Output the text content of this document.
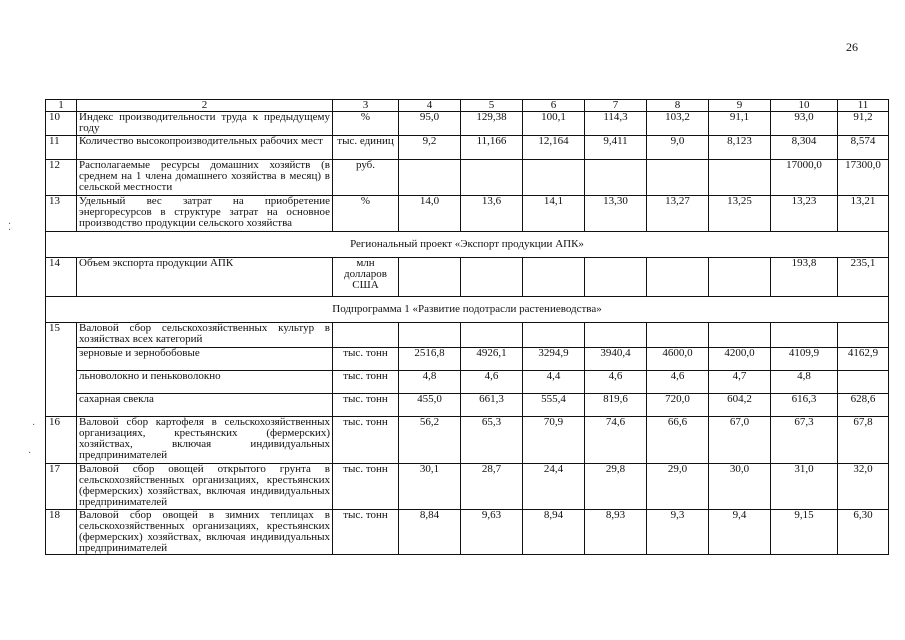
26
1	2	3	4	5	6	7	8	9	10	11
10	Индекс производительности труда к предыдущему году	%	95,0	129,38	100,1	114,3	103,2	91,1	93,0	91,2
11	Количество высокопроизводительных рабочих мест	тыс. единиц	9,2	11,166	12,164	9,411	9,0	8,123	8,304	8,574
12	Располагаемые ресурсы домашних хозяйств (в среднем на 1 члена домашнего хозяйства в месяц) в сельской местности	руб.							17000,0	17300,0
13	Удельный вес затрат на приобретение энергоресурсов в структуре затрат на основное производство продукции сельского хозяйства	%	14,0	13,6	14,1	13,30	13,27	13,25	13,23	13,21
Региональный проект «Экспорт продукции АПК»										
14	Объем экспорта продукции АПК	млн долларов США							193,8	235,1
Подпрограмма 1 «Развитие подотрасли растениеводства»										
15	Валовой сбор сельскохозяйственных культур в хозяйствах всех категорий									
	зерновые и зернобобовые	тыс. тонн	2516,8	4926,1	3294,9	3940,4	4600,0	4200,0	4109,9	4162,9
	льноволокно и пеньковолокно	тыс. тонн	4,8	4,6	4,4	4,6	4,6	4,7	4,8	
	сахарная свекла	тыс. тонн	455,0	661,3	555,4	819,6	720,0	604,2	616,3	628,6
16	Валовой сбор картофеля в сельскохозяйственных организациях, крестьянских (фермерских) хозяйствах, включая индивидуальных предпринимателей	тыс. тонн	56,2	65,3	70,9	74,6	66,6	67,0	67,3	67,8
17	Валовой сбор овощей открытого грунта в сельскохозяйственных организациях, крестьянских (фермерских) хозяйствах, включая индивидуальных предпринимателей	тыс. тонн	30,1	28,7	24,4	29,8	29,0	30,0	31,0	32,0
18	Валовой сбор овощей в зимних теплицах в сельскохозяйственных организациях, крестьянских (фермерских) хозяйствах, включая индивидуальных предпринимателей	тыс. тонн	8,84	9,63	8,94	8,93	9,3	9,4	9,15	6,30
⁚
·
·
